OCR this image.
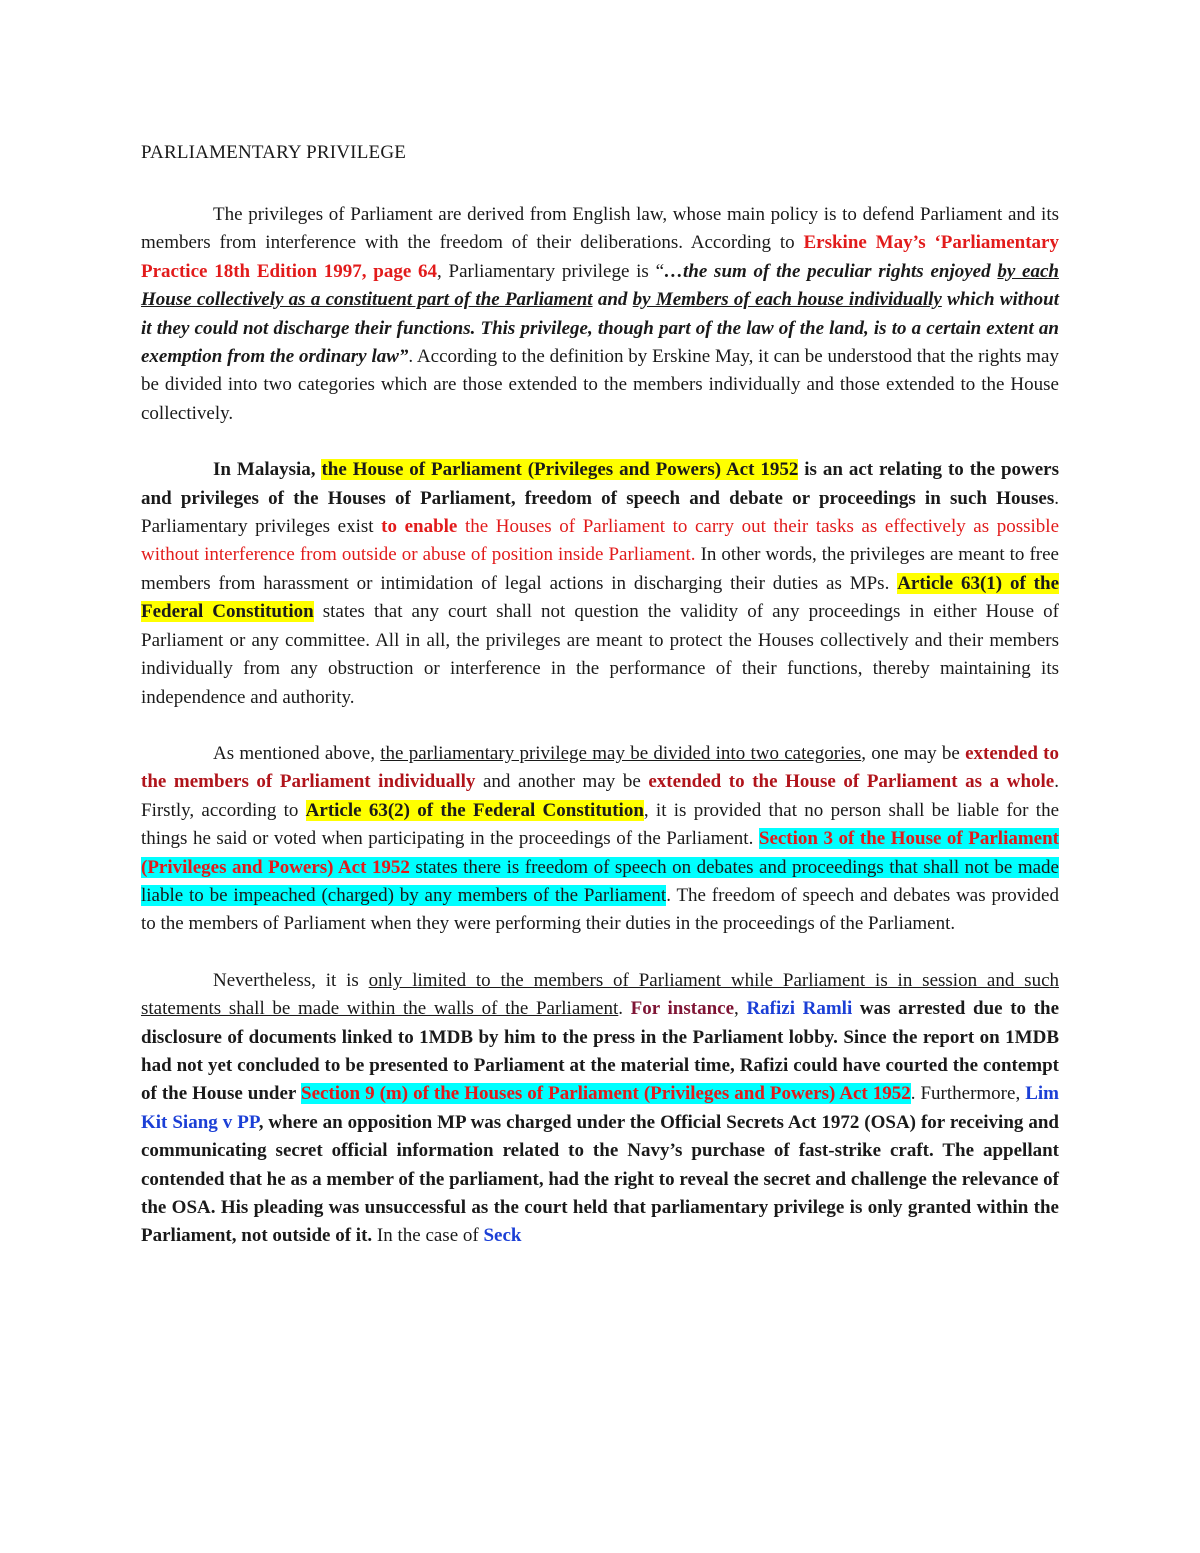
PARLIAMENTARY PRIVILEGE

The privileges of Parliament are derived from English law, whose main policy is to defend Parliament and its members from interference with the freedom of their deliberations. According to Erskine May’s ‘Parliamentary Practice 18th Edition 1997, page 64, Parliamentary privilege is “…the sum of the peculiar rights enjoyed by each House collectively as a constituent part of the Parliament and by Members of each house individually which without it they could not discharge their functions. This privilege, though part of the law of the land, is to a certain extent an exemption from the ordinary law”. According to the definition by Erskine May, it can be understood that the rights may be divided into two categories which are those extended to the members individually and those extended to the House collectively.

In Malaysia, the House of Parliament (Privileges and Powers) Act 1952 is an act relating to the powers and privileges of the Houses of Parliament, freedom of speech and debate or proceedings in such Houses. Parliamentary privileges exist to enable the Houses of Parliament to carry out their tasks as effectively as possible without interference from outside or abuse of position inside Parliament. In other words, the privileges are meant to free members from harassment or intimidation of legal actions in discharging their duties as MPs. Article 63(1) of the Federal Constitution states that any court shall not question the validity of any proceedings in either House of Parliament or any committee. All in all, the privileges are meant to protect the Houses collectively and their members individually from any obstruction or interference in the performance of their functions, thereby maintaining its independence and authority.

As mentioned above, the parliamentary privilege may be divided into two categories, one may be extended to the members of Parliament individually and another may be extended to the House of Parliament as a whole. Firstly, according to Article 63(2) of the Federal Constitution, it is provided that no person shall be liable for the things he said or voted when participating in the proceedings of the Parliament. Section 3 of the House of Parliament (Privileges and Powers) Act 1952 states there is freedom of speech on debates and proceedings that shall not be made liable to be impeached (charged) by any members of the Parliament. The freedom of speech and debates was provided to the members of Parliament when they were performing their duties in the proceedings of the Parliament.

Nevertheless, it is only limited to the members of Parliament while Parliament is in session and such statements shall be made within the walls of the Parliament. For instance, Rafizi Ramli was arrested due to the disclosure of documents linked to 1MDB by him to the press in the Parliament lobby. Since the report on 1MDB had not yet concluded to be presented to Parliament at the material time, Rafizi could have courted the contempt of the House under Section 9 (m) of the Houses of Parliament (Privileges and Powers) Act 1952. Furthermore, Lim Kit Siang v PP, where an opposition MP was charged under the Official Secrets Act 1972 (OSA) for receiving and communicating secret official information related to the Navy’s purchase of fast-strike craft. The appellant contended that he as a member of the parliament, had the right to reveal the secret and challenge the relevance of the OSA. His pleading was unsuccessful as the court held that parliamentary privilege is only granted within the Parliament, not outside of it. In the case of Seck
